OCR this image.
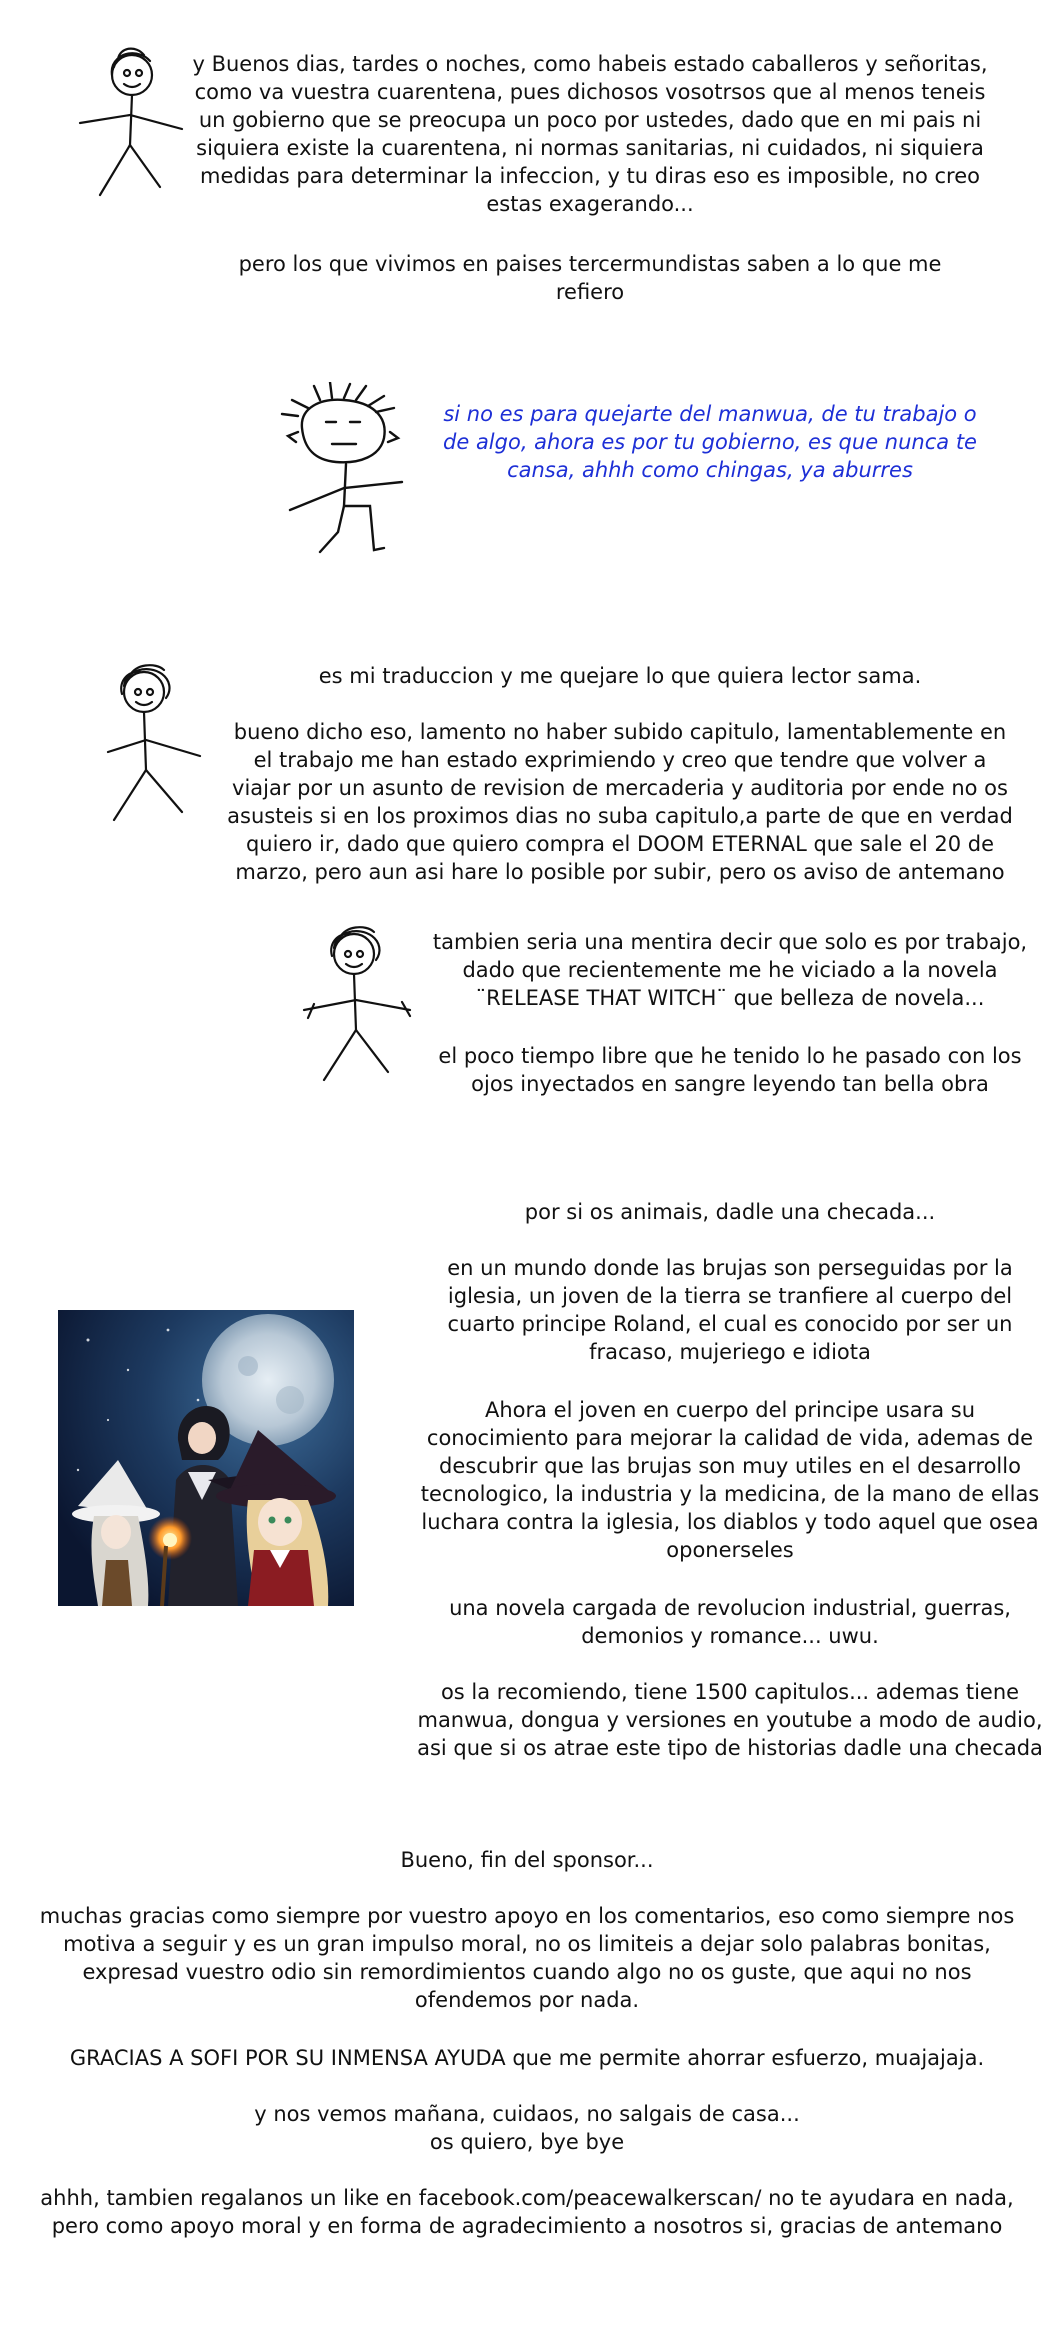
y Buenos dias, tardes o noches, como habeis estado caballeros y señoritas, como va vuestra cuarentena, pues dichosos vosotrsos que al menos teneis un gobierno que se preocupa un poco por ustedes, dado que en mi pais ni siquiera existe la cuarentena, ni normas sanitarias, ni cuidados, ni siquiera medidas para determinar la infeccion, y tu diras eso es imposible, no creo estas exagerando...

pero los que vivimos en paises tercermundistas saben a lo que me refiero

si no es para quejarte del manwua, de tu trabajo o de algo, ahora es por tu gobierno, es que nunca te cansa, ahhh como chingas, ya aburres

es mi traduccion y me quejare lo que quiera lector sama.

bueno dicho eso, lamento no haber subido capitulo, lamentablemente en el trabajo me han estado exprimiendo y creo que tendre que volver a viajar por un asunto de revision de mercaderia y auditoria por ende no os asusteis si en los proximos dias no suba capitulo,a parte de que en verdad quiero ir, dado que quiero compra el DOOM ETERNAL que sale el 20 de marzo, pero aun asi hare lo posible por subir, pero os aviso de antemano

tambien seria una mentira decir que solo es por trabajo, dado que recientemente me he viciado a la novela ¨RELEASE THAT WITCH¨ que belleza de novela...

el poco tiempo libre que he tenido lo he pasado con los ojos inyectados en sangre leyendo tan bella obra

por si os animais, dadle una checada...

en un mundo donde las brujas son perseguidas por la iglesia, un joven de la tierra se tranfiere al cuerpo del cuarto principe Roland, el cual es conocido por ser un fracaso, mujeriego e idiota

Ahora el joven en cuerpo del principe usara su conocimiento para mejorar la calidad de vida, ademas de descubrir que las brujas son muy utiles en el desarrollo tecnologico, la industria y la medicina, de la mano de ellas luchara contra la iglesia, los diablos y todo aquel que osea oponerseles

una novela cargada de revolucion industrial, guerras, demonios y romance... uwu.

os la recomiendo, tiene 1500 capitulos... ademas tiene manwua, dongua y versiones en youtube a modo de audio, asi que si os atrae este tipo de historias dadle una checada

Bueno, fin del sponsor...

muchas gracias como siempre por vuestro apoyo en los comentarios, eso como siempre nos motiva a seguir y es un gran impulso moral, no os limiteis a dejar solo palabras bonitas, expresad vuestro odio sin remordimientos cuando algo no os guste, que aqui no nos ofendemos por nada.

GRACIAS A SOFI POR SU INMENSA AYUDA que me permite ahorrar esfuerzo, muajajaja.

y nos vemos mañana, cuidaos, no salgais de casa...
os quiero, bye bye

ahhh, tambien regalanos un like en facebook.com/peacewalkerscan/ no te ayudara en nada, pero como apoyo moral y en forma de agradecimiento a nosotros si, gracias de antemano
